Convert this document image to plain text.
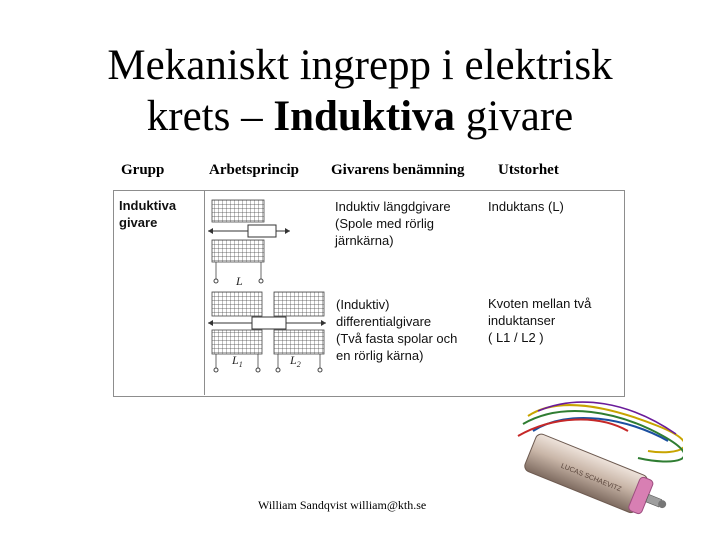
Mekaniskt ingrepp i elektrisk
krets – Induktiva givare
Grupp	Arbetsprincip Givarens benämning Utstorhet
Induktiva
givare
Induktiv längdgivare
(Spole med rörlig
järnkärna)
Induktans (L)
(Induktiv)
differentialgivare
(Två fasta spolar och
en rörlig kärna)
Kvoten mellan två
induktanser
( L1 / L2 )
L
$L_1$	$L_2$
LUCAS SCHAEVITZ
William Sandqvist william@kth.se
